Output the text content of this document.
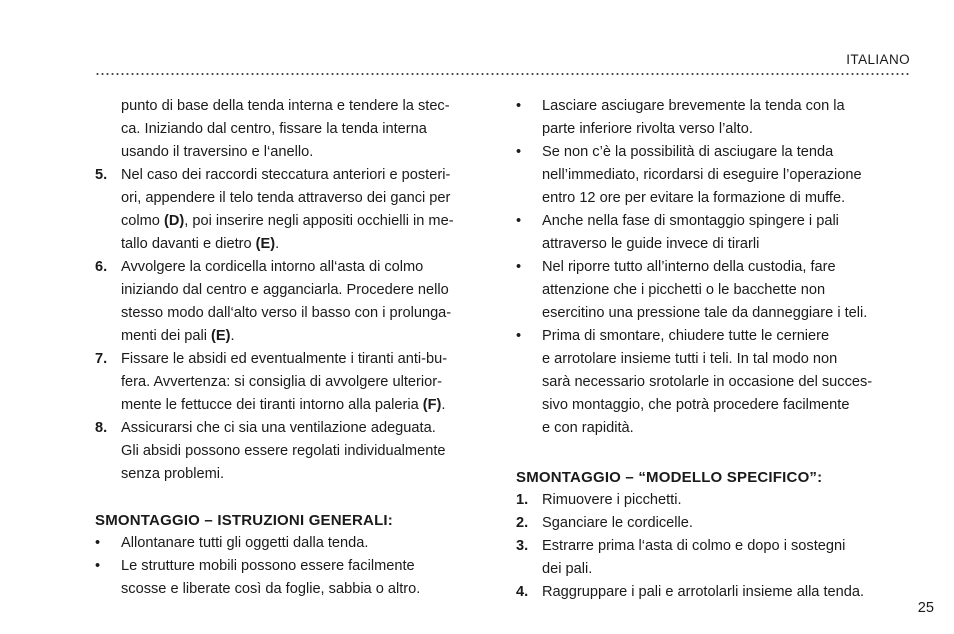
ITALIANO
punto di base della tenda interna e tendere la stec-
ca. Iniziando dal centro, fissare la tenda interna
usando il traversino e l‘anello.
5. Nel caso dei raccordi steccatura anteriori e posteri-
ori, appendere il telo tenda attraverso dei ganci per
colmo (D), poi inserire negli appositi occhielli in me-
tallo davanti e dietro (E).
6. Avvolgere la cordicella intorno all‘asta di colmo
iniziando dal centro e agganciarla. Procedere nello
stesso modo dall‘alto verso il basso con i prolunga-
menti dei pali (E).
7. Fissare le absidi ed eventualmente i tiranti anti-bu-
fera. Avvertenza: si consiglia di avvolgere ulterior-
mente le fettucce dei tiranti intorno alla paleria (F).
8. Assicurarsi che ci sia una ventilazione adeguata.
Gli absidi possono essere regolati individualmente
senza problemi.
SMONTAGGIO – ISTRUZIONI GENERALI:
•	Allontanare tutti gli oggetti dalla tenda.
•	Le strutture mobili possono essere facilmente
scosse e liberate così da foglie, sabbia o altro.
•	Lasciare asciugare brevemente la tenda con la
parte inferiore rivolta verso l’alto.
•	Se non c’è la possibilità di asciugare la tenda
nell’immediato, ricordarsi di eseguire l’operazione
entro 12 ore per evitare la formazione di muffe.
•	Anche nella fase di smontaggio spingere i pali
attraverso le guide invece di tirarli
•	Nel riporre tutto all’interno della custodia, fare
attenzione che i picchetti o le bacchette non
esercitino una pressione tale da danneggiare i teli.
•	Prima di smontare, chiudere tutte le cerniere
e arrotolare insieme tutti i teli. In tal modo non
sarà necessario srotolarle in occasione del succes-
sivo montaggio, che potrà procedere facilmente
e con rapidità.
SMONTAGGIO – “MODELLO SPECIFICO”:
1. Rimuovere i picchetti.
2. Sganciare le cordicelle.
3. Estrarre prima l‘asta di colmo e dopo i sostegni
dei pali.
4. Raggruppare i pali e arrotolarli insieme alla tenda.
25
